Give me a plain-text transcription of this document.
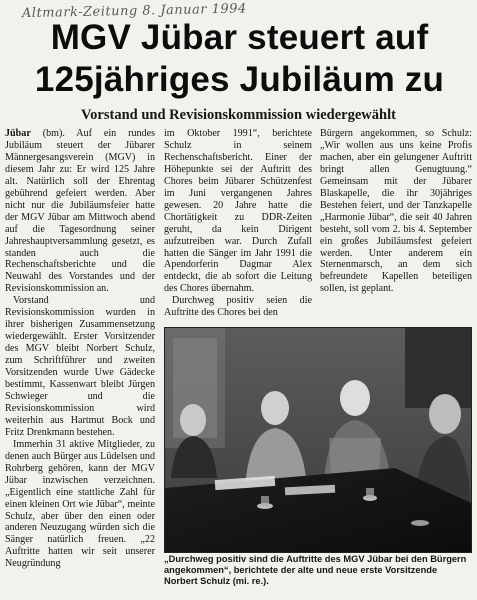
Altmark-Zeitung 8. Januar 1994
MGV Jübar steuert auf
125jähriges Jubiläum zu
Vorstand und Revisionskommission wiedergewählt

Jübar (bm). Auf ein rundes Jubiläum steuert der Jübarer Männergesangsverein (MGV) in diesem Jahr zu: Er wird 125 Jahre alt. Natürlich soll der Ehrentag gebührend gefeiert werden. Aber nicht nur die Jubiläumsfeier hatte der MGV Jübar am Mittwoch abend auf die Tagesordnung seiner Jahreshauptversammlung gesetzt, es standen auch die Rechenschaftsberichte und die Neuwahl des Vorstandes und der Revisionskommission an.

Vorstand und Revisionskommission wurden in ihrer bisherigen Zusammensetzung wiedergewählt. Erster Vorsitzender des MGV bleibt Norbert Schulz, zum Schriftführer und zweiten Vorsitzenden wurde Uwe Gädecke bestimmt, Kassenwart bleibt Jürgen Schwieger und die Revisionskommission wird weiterhin aus Hartmut Bock und Fritz Drenkmann bestehen.

Immerhin 31 aktive Mitglieder, zu denen auch Bürger aus Lüdelsen und Rohrberg gehören, kann der MGV Jübar inzwischen verzeichnen. „Eigentlich eine stattliche Zahl für einen kleinen Ort wie Jübar“, meinte Schulz, aber über den einen oder anderen Neuzugang würden sich die Sänger natürlich freuen. „22 Auftritte hatten wir seit unserer Neugründung

im Oktober 1991“, berichtete Schulz in seinem Rechenschaftsbericht. Einer der Höhepunkte sei der Auftritt des Chores beim Jübarer Schützenfest im Juni vergangenen Jahres gewesen. 20 Jahre hatte die Chortätigkeit zu DDR-Zeiten geruht, da kein Dirigent aufzutreiben war. Durch Zufall hatten die Sänger im Jahr 1991 die Apendorferin Dagmar Alex entdeckt, die ab sofort die Leitung des Chores übernahm.

Durchweg positiv seien die Auftritte des Chores bei den

Bürgern angekommen, so Schulz: „Wir wollen aus uns keine Profis machen, aber ein gelungener Auftritt bringt allen Genugtuung.“ Gemeinsam mit der Jübarer Blaskapelle, die ihr 30jähriges Bestehen feiert, und der Tanzkapelle „Harmonie Jübar“, die seit 40 Jahren besteht, soll vom 2. bis 4. September ein großes Jubiläumsfest gefeiert werden. Unter anderem ein Sternenmarsch, an dem sich befreundete Kapellen beteiligen sollen, ist geplant.

„Durchweg positiv sind die Auftritte des MGV Jübar bei den Bürgern angekommen“, berichtete der alte und neue erste Vorsitzende Norbert Schulz (mi. re.).
